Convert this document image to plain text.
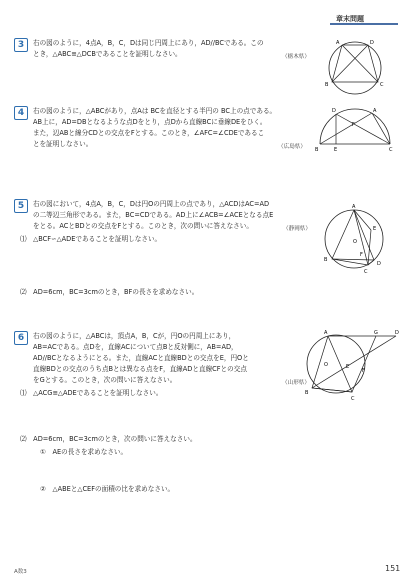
章末問題
3	右の図のように，4点A，B，C，Dは同じ円周上にあり，AD//BCである。この
とき，△ABC≡△DCBであることを証明しなさい。	（栃木県）
A	D
B	C
4	右の図のように，△ABCがあり，点Aは BCを直径とする半円の BC上の点である。
AB上に，AD=DBとなるような点Dをとり，点Dから直線BCに垂線DEをひく。
また，辺ABと線分CDとの交点をFとする。このとき，∠AFC=∠CDEであるこ
とを証明しなさい。	（広島県）
D	A
F
B	E	C
5	右の図において，4点A，B，C，Dは円Oの円周上の点であり，△ACDはAC=AD
の二等辺三角形である。また，BC=CDである。AD上に∠ACB=∠ACEとなる点E
をとる。ACとBDとの交点をFとする。このとき，次の問いに答えなさい。	（静岡県）
⑴　△BCF∽△ADEであることを証明しなさい。
⑵　AD=6cm，BC=3cmのとき，BFの長さを求めなさい。
A
E
B
O
F
C
D
6	右の図のように，△ABCは，頂点A，B，Cが，円Oの円周上にあり，
AB=ACである。点Dを，直線ACについて点Bと反対側に，AB=AD，
AD//BCとなるようにとる。また，直線ACと直線BDとの交点をE，円Oと
直線BDとの交点のうち点Bとは異なる点をF，直線ADと直線CFとの交点
をGとする。このとき，次の問いに答えなさい。	（山形県）
⑴　△ACG≡△ADEであることを証明しなさい。
⑵　AD=6cm，BC=3cmのとき，次の問いに答えなさい。
①　AEの長さを求めなさい。
②　△ABEと△CEFの面積の比を求めなさい。
A	G	D
O	E
F
B
C
A数3	151
